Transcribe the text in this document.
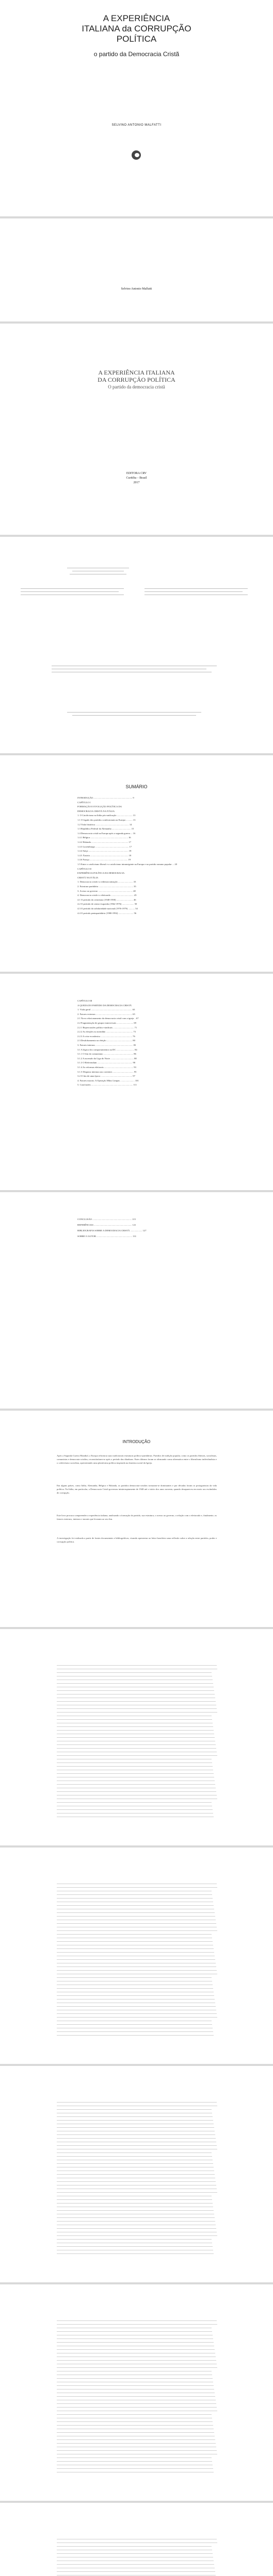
A EXPERIÊNCIA
ITALIANA da CORRUPÇÃO
POLÍTICA
o partido da Democracia Cristã
SELVINO ANTONIO MALFATTI
Selvino Antonio Malfatti
A EXPERIÊNCIA ITALIANA
DA CORRUPÇÃO POLÍTICA
O partido da democracia cristã
EDITORA CRV
Curitiba – Brasil
2017
SUMÁRIO
INTRODUÇÃO.................................................................. 9
CAPÍTULO I
FORMAÇÃO E EVOLUÇÃO POLÍTICA DA
DEMOCRACIA CRISTÃ NA ITÁLIA
1. O Catolicismo na Itália pós-unificação .......................... 13
1.1 O legado dos partidos confessionais na Europa ........... 13
1.2 Visão histórica ........................................................ 14
1.3 República Federal da Alemanha ................................ 15
1.4 Democracia cristã na Europa após a segunda guerra ... 16
1.4.1 Bélgica ............................................................... 16
1.4.2 Holanda .............................................................. 17
1.4.3 Luxemburgo ........................................................ 17
1.4.4 Suíça ................................................................... 18
1.4.5 Áustria ................................................................ 18
1.4.6 França ................................................................ 19
1.5 Entre o catolicismo liberal e o catolicismo intransigente na Europa e no partido romano popular ... 20
CAPÍTULO II
EXPERIÊNCIA POLÍTICA DA DEMOCRACIA
CRISTÃ NA ITÁLIA
1. Democracia cristã e a redemocratização ......................... 33
2. Estrutura partidária .......................................................... 35
3. Acesso ao governo .......................................................... 40
4. Democracia cristã e o eleitorado ...................................... 45
4.1 O período do centrismo (1948-1958) ............................ 46
4.2 O período de centro-esquerda (1962-1976) .................... 50
4.3 O período da solidariedade nacional (1976-1979) ........... 54
4.4 O período pentapartidário (1980-1992) ......................... 56
CAPÍTULO III
A QUEDA DO PARTIDO DA DEMOCRACIA CRISTÃ
1. Visão geral ..................................................................... 63
2. Fatores externos ............................................................. 65
2.1 Novo relacionamento da democracia cristã com a igreja .. 67
2.2 Fragmentação de grupos transversais ............................ 69
2.2.1 Repercussões político-sindicais ................................... 71
2.2.2 As eleições no meridião ............................................. 73
2.2.3 A crise econômica ..................................................... 76
2.3 Desdobramento na eleição ........................................... 80
3. Fatores internos ............................................................... 83
3.1 A lógica dos comportamentos na DC .............................. 84
3.1.1 O fim do comunismo .................................................. 86
3.1.2 A ascensão da Liga do Norte ....................................... 88
3.1.3 O Referendum ........................................................... 90
3.1.4 As reformas eleitorais ................................................. 93
3.1.5 Disputas internas nas correntes ................................... 95
3.2 O fim de uma época ..................................................... 97
4. Fatores morais: A Operação Mãos Limpas ........................ 101
5. Conclusões ...................................................................... 111
CONCLUSÃO .................................................................. 115
REFERÊNCIAS ................................................................ 121
BIBLIOGRAFIA SOBRE A DEMOCRACIA CRISTÃ .................... 127
SOBRE O AUTOR ............................................................ 131
INTRODUÇÃO
Após a Segunda Guerra Mundial, a Europa reformou suas tradicionais estruturas político-partidárias. Partidos de tradição popular, como os partidos liberais, socialistas, comunistas e democrata-cristãos, reconstituíram-se após o período das ditaduras. Estes últimos foram se afirmando como alternativa entre o liberalismo individualista e o coletivismo socialista, apresentando uma plataforma política inspirada na doutrina social da Igreja.
Em alguns países, como Itália, Alemanha, Bélgica e Holanda, os partidos democrata-cristãos tornaram-se dominantes e por décadas foram os protagonistas da vida política. Na Itália, em particular, a Democracia Cristã governou ininterruptamente de 1948 até o início dos anos noventa, quando desapareceu em meio aos escândalos de corrupção.
Este livro procura compreender a experiência italiana, analisando a formação do partido, sua estrutura, o acesso ao governo, a relação com o eleitorado e, finalmente, os fatores externos, internos e morais que levaram ao seu fim.
A investigação foi realizada a partir de fontes documentais e bibliográficas, visando apresentar ao leitor brasileiro uma reflexão sobre a relação entre partidos, poder e corrupção política.
